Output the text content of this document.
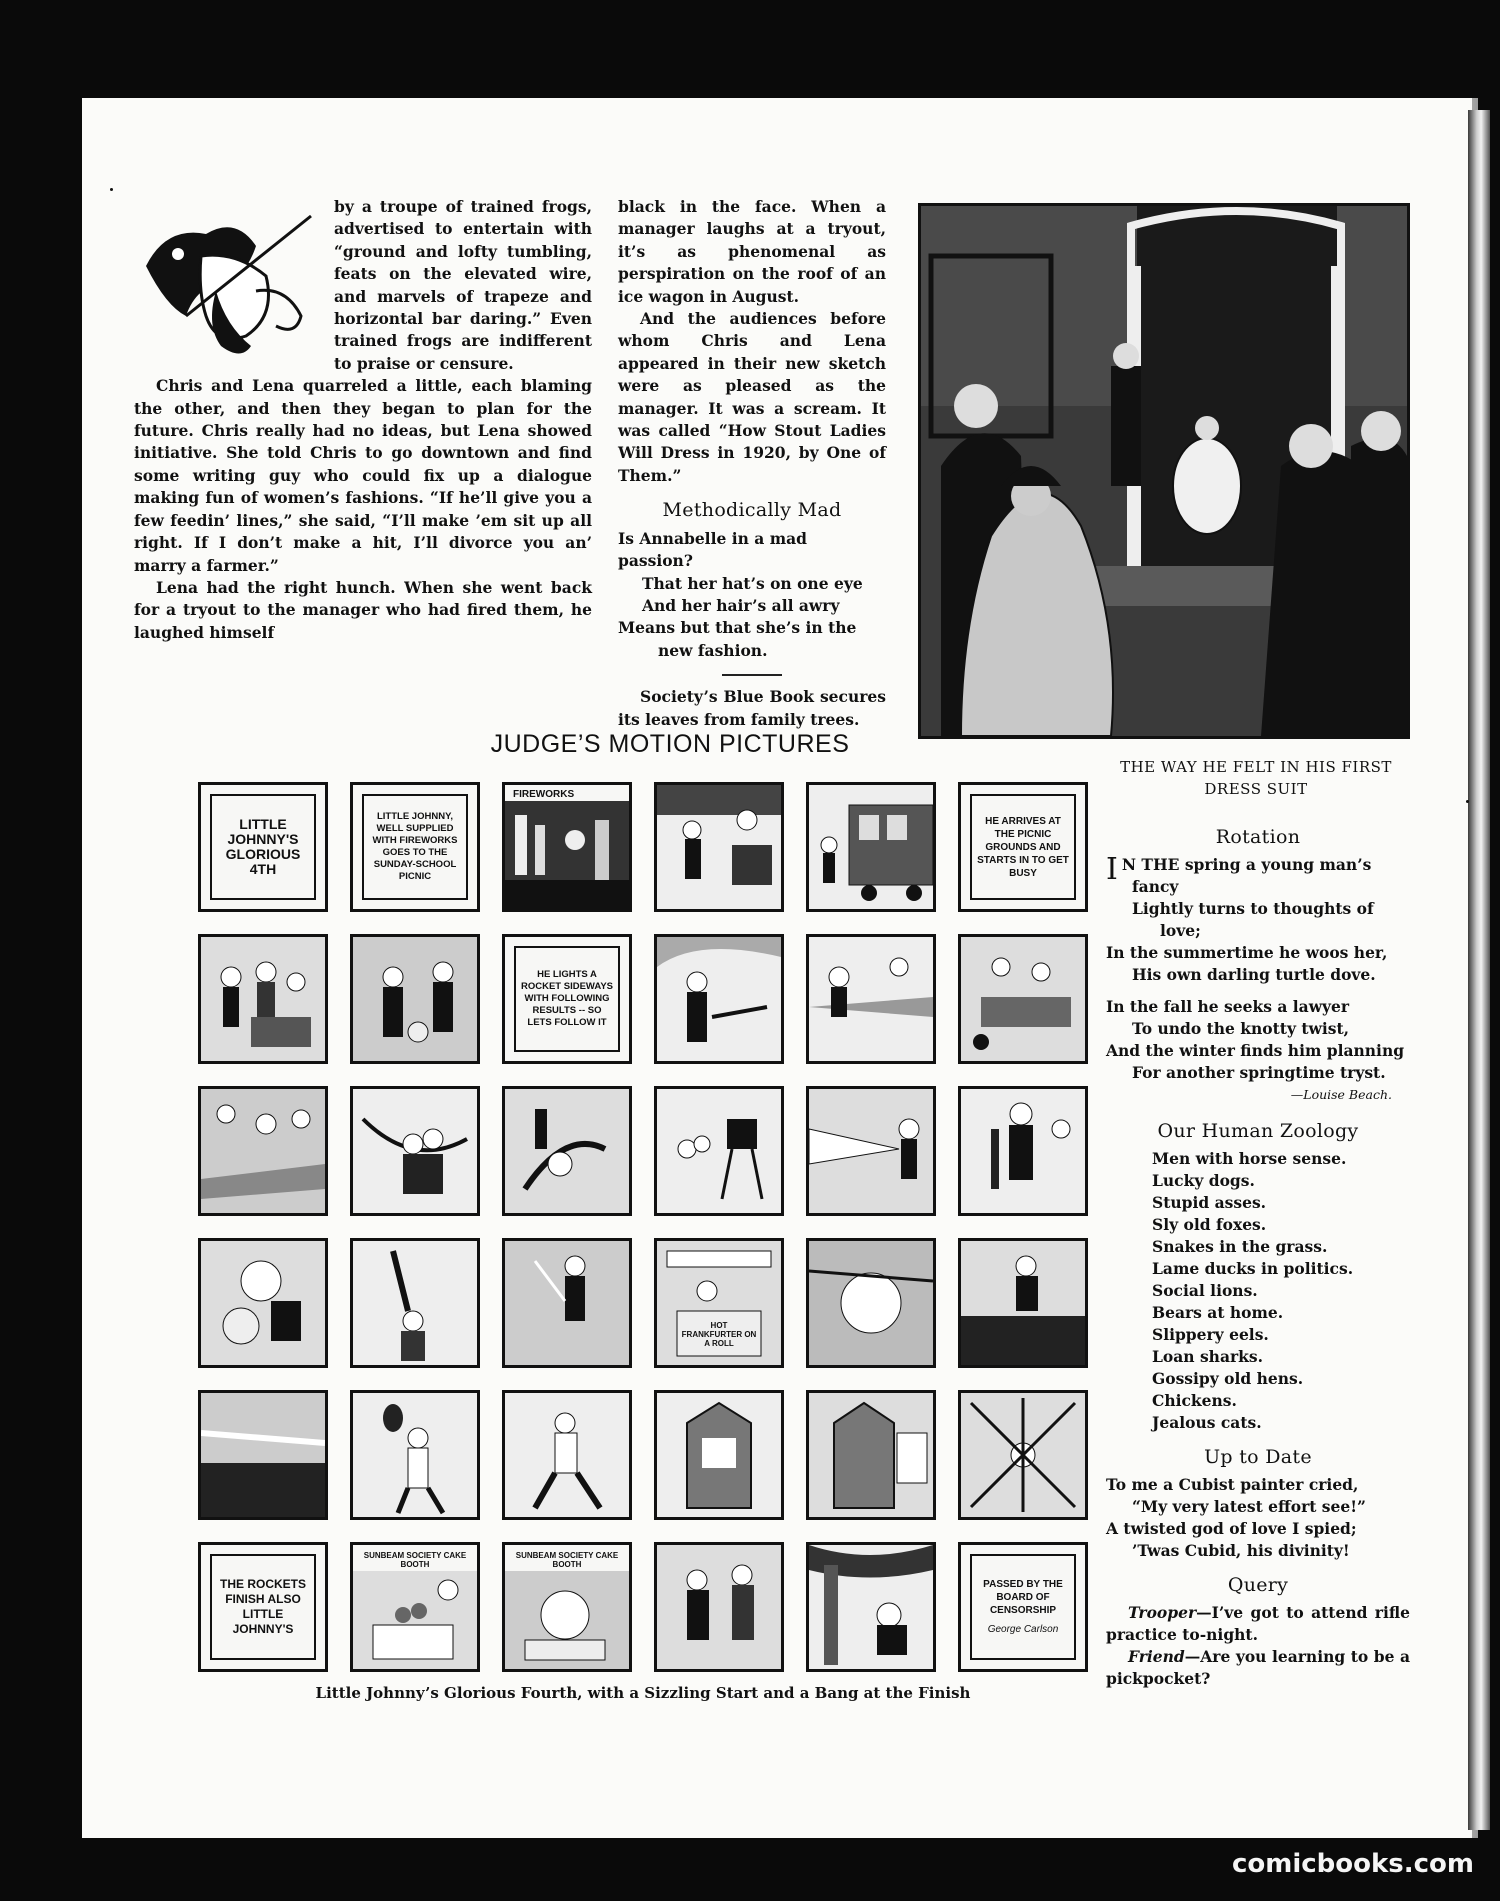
by a troupe of trained frogs, advertised to entertain with “ground and lofty tumbling, feats on the elevated wire, and marvels of trapeze and horizontal bar daring.” Even trained frogs are indifferent to praise or censure.

Chris and Lena quarreled a little, each blaming the other, and then they began to plan for the future. Chris really had no ideas, but Lena showed initiative. She told Chris to go downtown and find some writing guy who could fix up a dialogue making fun of women’s fashions. “If he’ll give you a few feedin’ lines,” she said, “I’ll make ’em sit up all right. If I don’t make a hit, I’ll divorce you an’ marry a farmer.”

Lena had the right hunch. When she went back for a tryout to the manager who had fired them, he laughed himself

black in the face. When a manager laughs at a tryout, it’s as phenomenal as perspiration on the roof of an ice wagon in August.

And the audiences before whom Chris and Lena appeared in their new sketch were as pleased as the manager. It was a scream. It was called “How Stout Ladies Will Dress in 1920, by One of Them.”

Methodically Mad

Is Annabelle in a mad passion?

That her hat’s on one eye

And her hair’s all awry

Means but that she’s in the

new fashion.

Society’s Blue Book secures its leaves from family trees.

THE WAY HE FELT IN HIS FIRST DRESS SUIT
JUDGE’S MOTION PICTURES
LITTLE JOHNNY'S GLORIOUS 4TH
LITTLE JOHNNY, WELL SUPPLIED WITH FIREWORKS GOES TO THE SUNDAY-SCHOOL PICNIC
FIREWORKS
HE ARRIVES AT THE PICNIC GROUNDS AND STARTS IN TO GET BUSY
HE LIGHTS A ROCKET SIDEWAYS WITH FOLLOWING RESULTS -- SO LETS FOLLOW IT
HOT FRANKFURTER ON A ROLL
THE ROCKETS FINISH ALSO LITTLE JOHNNY'S
SUNBEAM SOCIETY CAKE BOOTH
SUNBEAM SOCIETY CAKE BOOTH
PASSED BY THE BOARD OF CENSORSHIP
George Carlson
Little Johnny’s Glorious Fourth, with a Sizzling Start and a Bang at the Finish
Rotation

I N THE spring a young man’s

fancy

Lightly turns to thoughts of

love;

In the summertime he woos her,

His own darling turtle dove.

In the fall he seeks a lawyer

To undo the knotty twist,

And the winter finds him planning

For another springtime tryst.

—Louise Beach.

Our Human Zoology

Men with horse sense.

Lucky dogs.

Stupid asses.

Sly old foxes.

Snakes in the grass.

Lame ducks in politics.

Social lions.

Bears at home.

Slippery eels.

Loan sharks.

Gossipy old hens.

Chickens.

Jealous cats.

Up to Date

To me a Cubist painter cried,

“My very latest effort see!”

A twisted god of love I spied;

’Twas Cubid, his divinity!

Query

Trooper—I’ve got to attend rifle practice to-night.

Friend—Are you learning to be a pickpocket?

comicbooks.com
